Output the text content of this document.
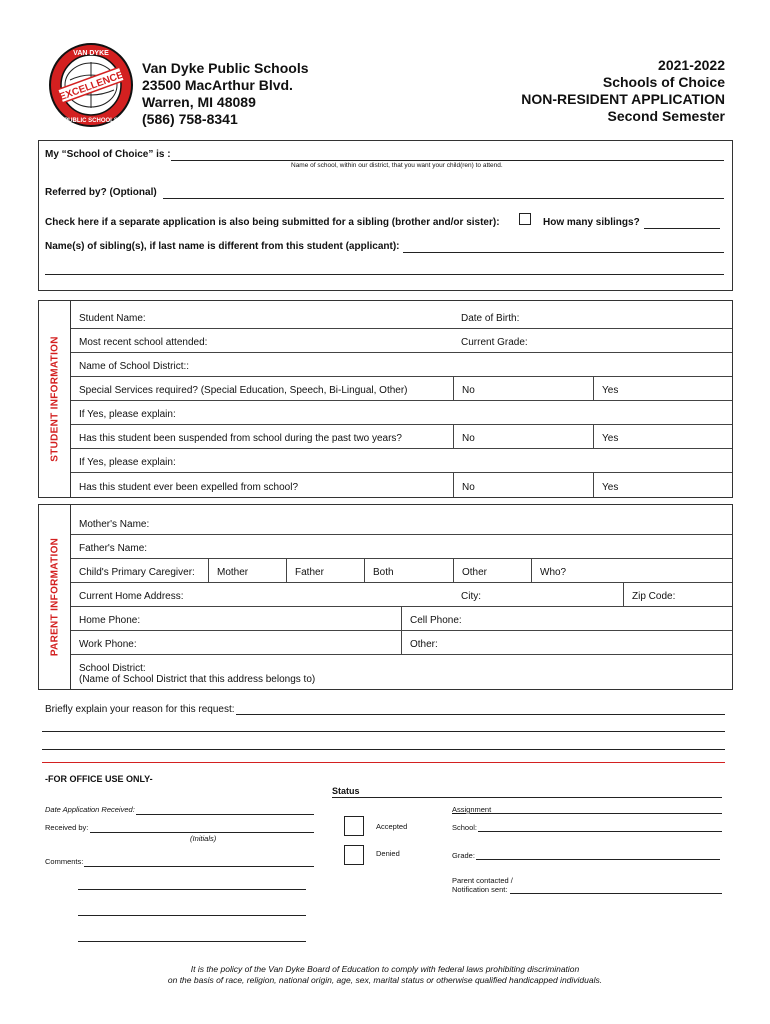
EXCELLENCE
VAN DYKE
PUBLIC SCHOOLS
Van Dyke Public Schools
23500 MacArthur Blvd.
Warren, MI 48089
(586) 758-8341
2021-2022
Schools of Choice
NON-RESIDENT APPLICATION
Second Semester
My “School of Choice” is :
Name of school, within our district, that you want your child(ren) to attend.
Referred by? (Optional)
Check here if a separate application is also being submitted for a sibling (brother and/or sister):	How many siblings?
Name(s) of sibling(s), if last name is different from this student (applicant):
STUDENT INFORMATION
Student Name:	Date of Birth:
Most recent school attended:	Current Grade:
Name of School District::
Special Services required? (Special Education, Speech, Bi-Lingual, Other)	No	Yes
If Yes, please explain:
Has this student been suspended from school during the past two years?	No	Yes
If Yes, please explain:
Has this student ever been expelled from school?	No	Yes
PARENT INFORMATION
Mother's Name:
Father's Name:
Child's Primary Caregiver:	Mother	Father	Both	Other	Who?
Current Home Address:	City:	Zip Code:
Home Phone:	Cell Phone:
Work Phone:	Other:
School District:
(Name of School District that this address belongs to)
Briefly explain your reason for this request:
-FOR OFFICE USE ONLY-
Status
Date Application Received:
Received by:
(Initials)
Comments:
Accepted
Denied
Assignment
School:
Grade:
Parent contacted /
Notification sent:
It is the policy of the Van Dyke Board of Education to comply with federal laws prohibiting discrimination
on the basis of race, religion, national origin, age, sex, marital status or otherwise qualified handicapped individuals.
